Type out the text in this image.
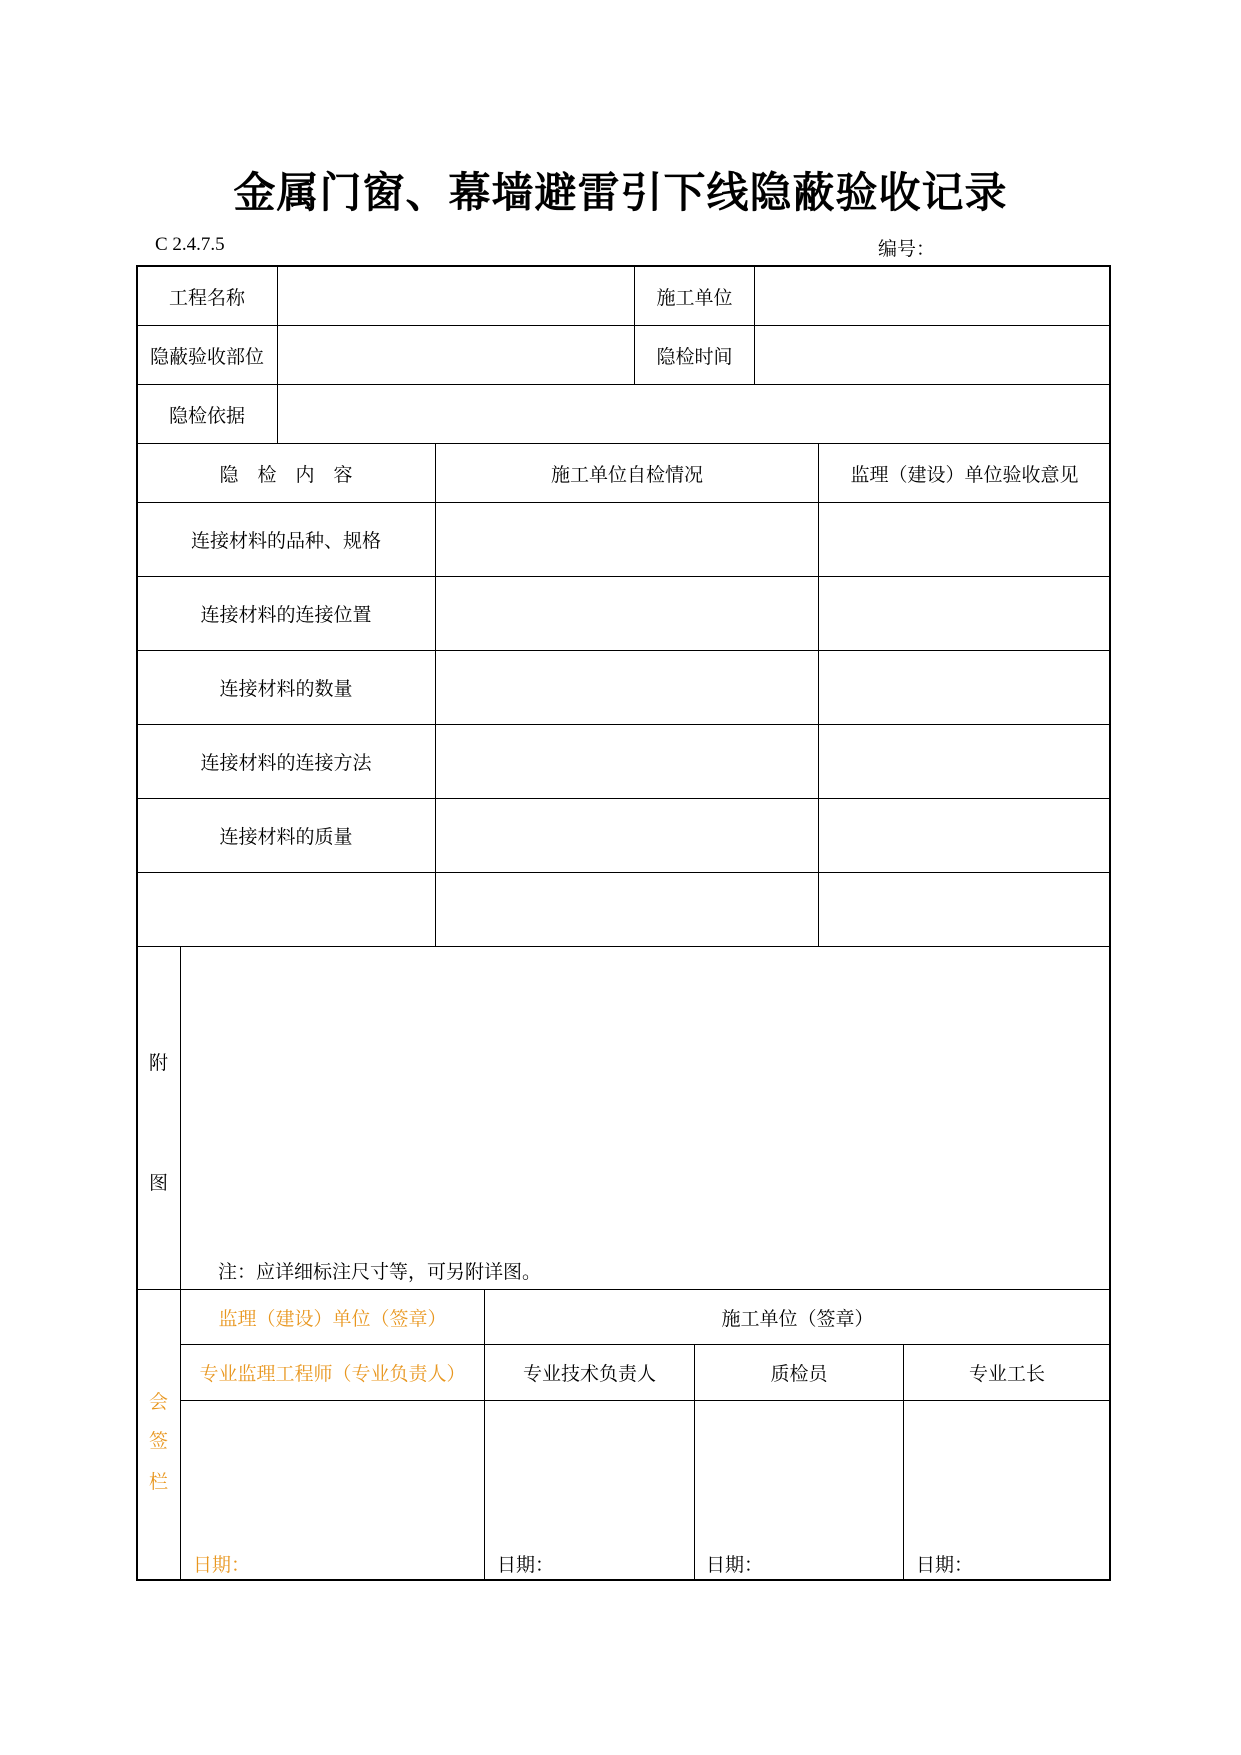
金属门窗、幕墙避雷引下线隐蔽验收记录
C 2.4.7.5	编号：
工程名称	施工单位
隐蔽验收部位	隐检时间
隐检依据
隐　检　内　容	施工单位自检情况	监理（建设）单位验收意见
连接材料的品种、规格
连接材料的连接位置
连接材料的数量
连接材料的连接方法
连接材料的质量
附
图
注：应详细标注尺寸等，可另附详图。
会
签
栏
监理（建设）单位（签章）	施工单位（签章）
专业监理工程师（专业负责人）	专业技术负责人	质检员	专业工长
日期：	日期：	日期：	日期：
